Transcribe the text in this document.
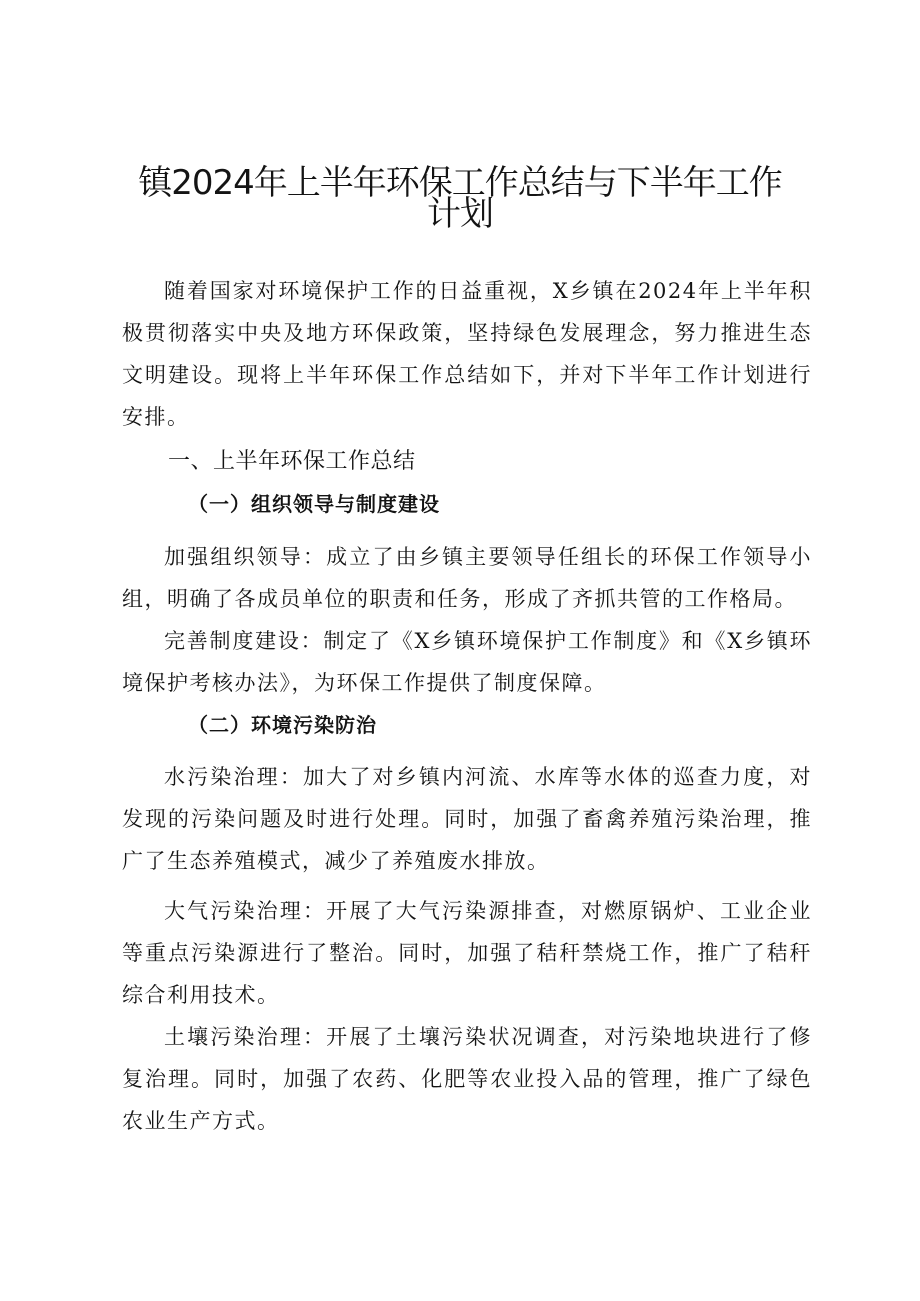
镇2024年上半年环保工作总结与下半年工作
计划

随着国家对环境保护工作的日益重视，X乡镇在2024年上半年积极贯彻落实中央及地方环保政策，坚持绿色发展理念，努力推进生态文明建设。现将上半年环保工作总结如下，并对下半年工作计划进行安排。

一、上半年环保工作总结
（一）组织领导与制度建设

加强组织领导：成立了由乡镇主要领导任组长的环保工作领导小组，明确了各成员单位的职责和任务，形成了齐抓共管的工作格局。

完善制度建设：制定了《X乡镇环境保护工作制度》和《X乡镇环境保护考核办法》，为环保工作提供了制度保障。

（二）环境污染防治

水污染治理：加大了对乡镇内河流、水库等水体的巡查力度，对发现的污染问题及时进行处理。同时，加强了畜禽养殖污染治理，推广了生态养殖模式，减少了养殖废水排放。

大气污染治理：开展了大气污染源排查，对燃原锅炉、工业企业等重点污染源进行了整治。同时，加强了秸秆禁烧工作，推广了秸秆综合利用技术。

土壤污染治理：开展了土壤污染状况调查，对污染地块进行了修复治理。同时，加强了农药、化肥等农业投入品的管理，推广了绿色农业生产方式。
